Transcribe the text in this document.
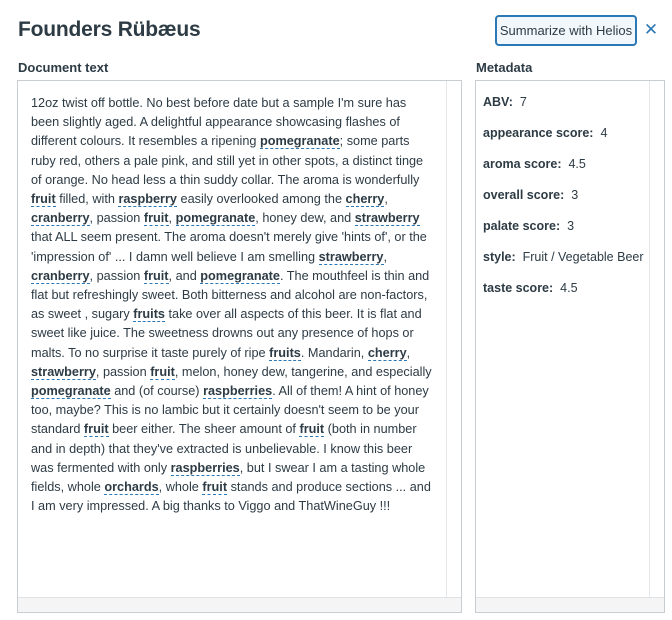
Founders Rübæus	Summarize with Helios ✕
Document text	Metadata
12oz twist off bottle. No best before date but a sample I'm sure has been slightly aged. A delightful appearance showcasing flashes of different colours. It resembles a ripening pomegranate; some parts ruby red, others a pale pink, and still yet in other spots, a distinct tinge of orange. No head less a thin suddy collar. The aroma is wonderfully fruit filled, with raspberry easily overlooked among the cherry, cranberry, passion fruit, pomegranate, honey dew, and strawberry that ALL seem present. The aroma doesn't merely give 'hints of', or the 'impression of' ... I damn well believe I am smelling strawberry, cranberry, passion fruit, and pomegranate. The mouthfeel is thin and flat but refreshingly sweet. Both bitterness and alcohol are non-factors, as sweet , sugary fruits take over all aspects of this beer. It is flat and sweet like juice. The sweetness drowns out any presence of hops or malts. To no surprise it taste purely of ripe fruits. Mandarin, cherry, strawberry, passion fruit, melon, honey dew, tangerine, and especially pomegranate and (of course) raspberries. All of them! A hint of honey too, maybe? This is no lambic but it certainly doesn't seem to be your standard fruit beer either. The sheer amount of fruit (both in number and in depth) that they've extracted is unbelievable. I know this beer was fermented with only raspberries, but I swear I am a tasting whole fields, whole orchards, whole fruit stands and produce sections ... and I am very impressed. A big thanks to Viggo and ThatWineGuy !!!
ABV: 7
appearance score: 4
aroma score: 4.5
overall score: 3
palate score: 3
style: Fruit / Vegetable Beer
taste score: 4.5
